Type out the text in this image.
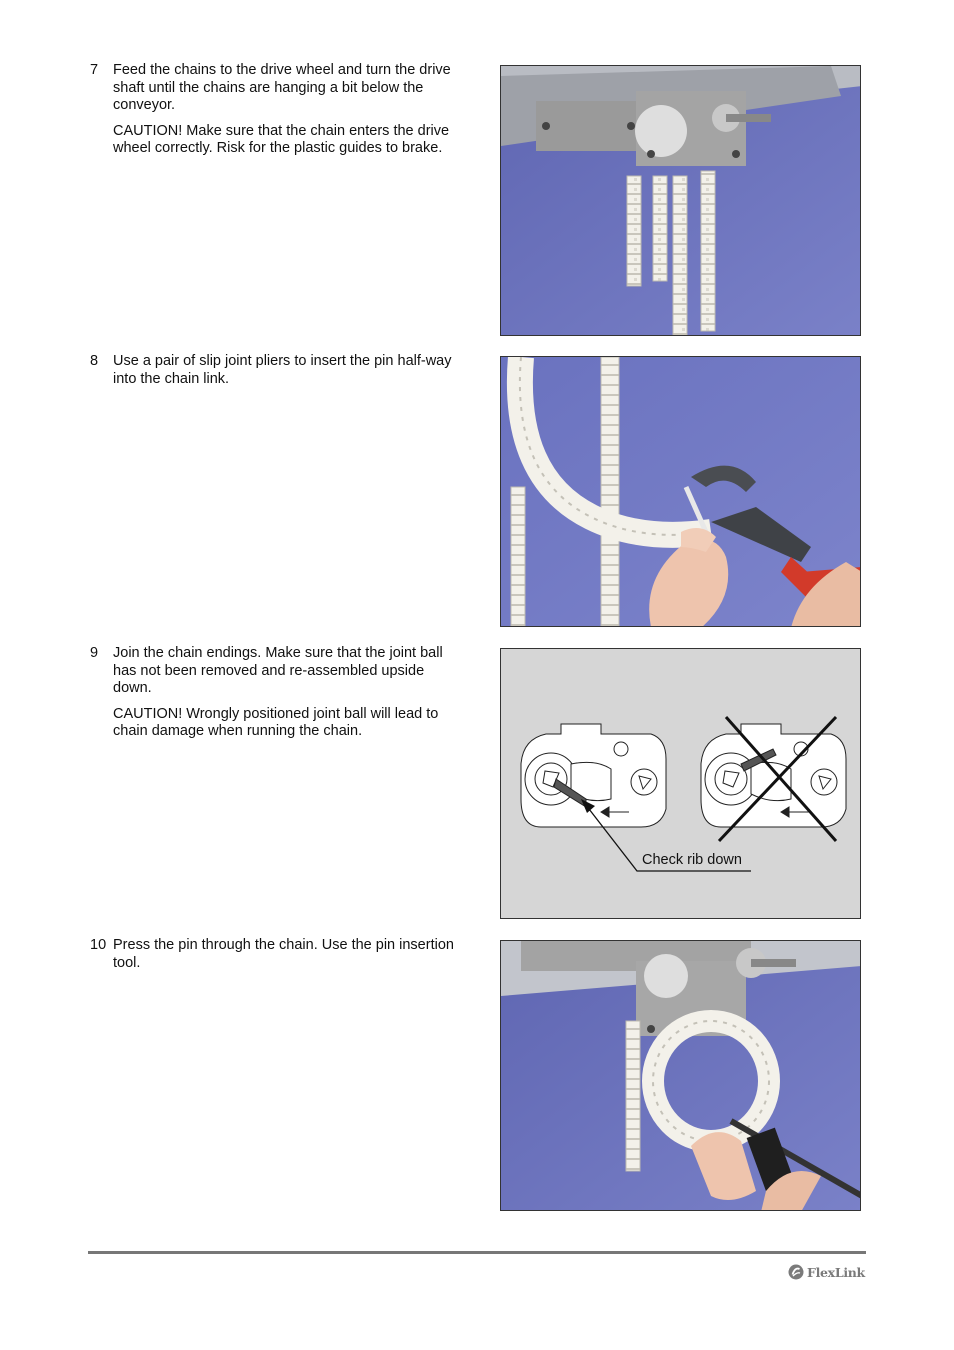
7 Feed the chains to the drive wheel and turn the drive shaft until the chains are hanging a bit below the conveyor.

CAUTION! Make sure that the chain enters the drive wheel correctly. Risk for the plastic guides to brake.

8 Use a pair of slip joint pliers to insert the pin half-way into the chain link.

9 Join the chain endings. Make sure that the joint ball has not been removed and re-assembled upside down.

CAUTION! Wrongly positioned joint ball will lead to chain damage when running the chain.

Check rib down
10 Press the pin through the chain. Use the pin insertion tool.

FlexLink
